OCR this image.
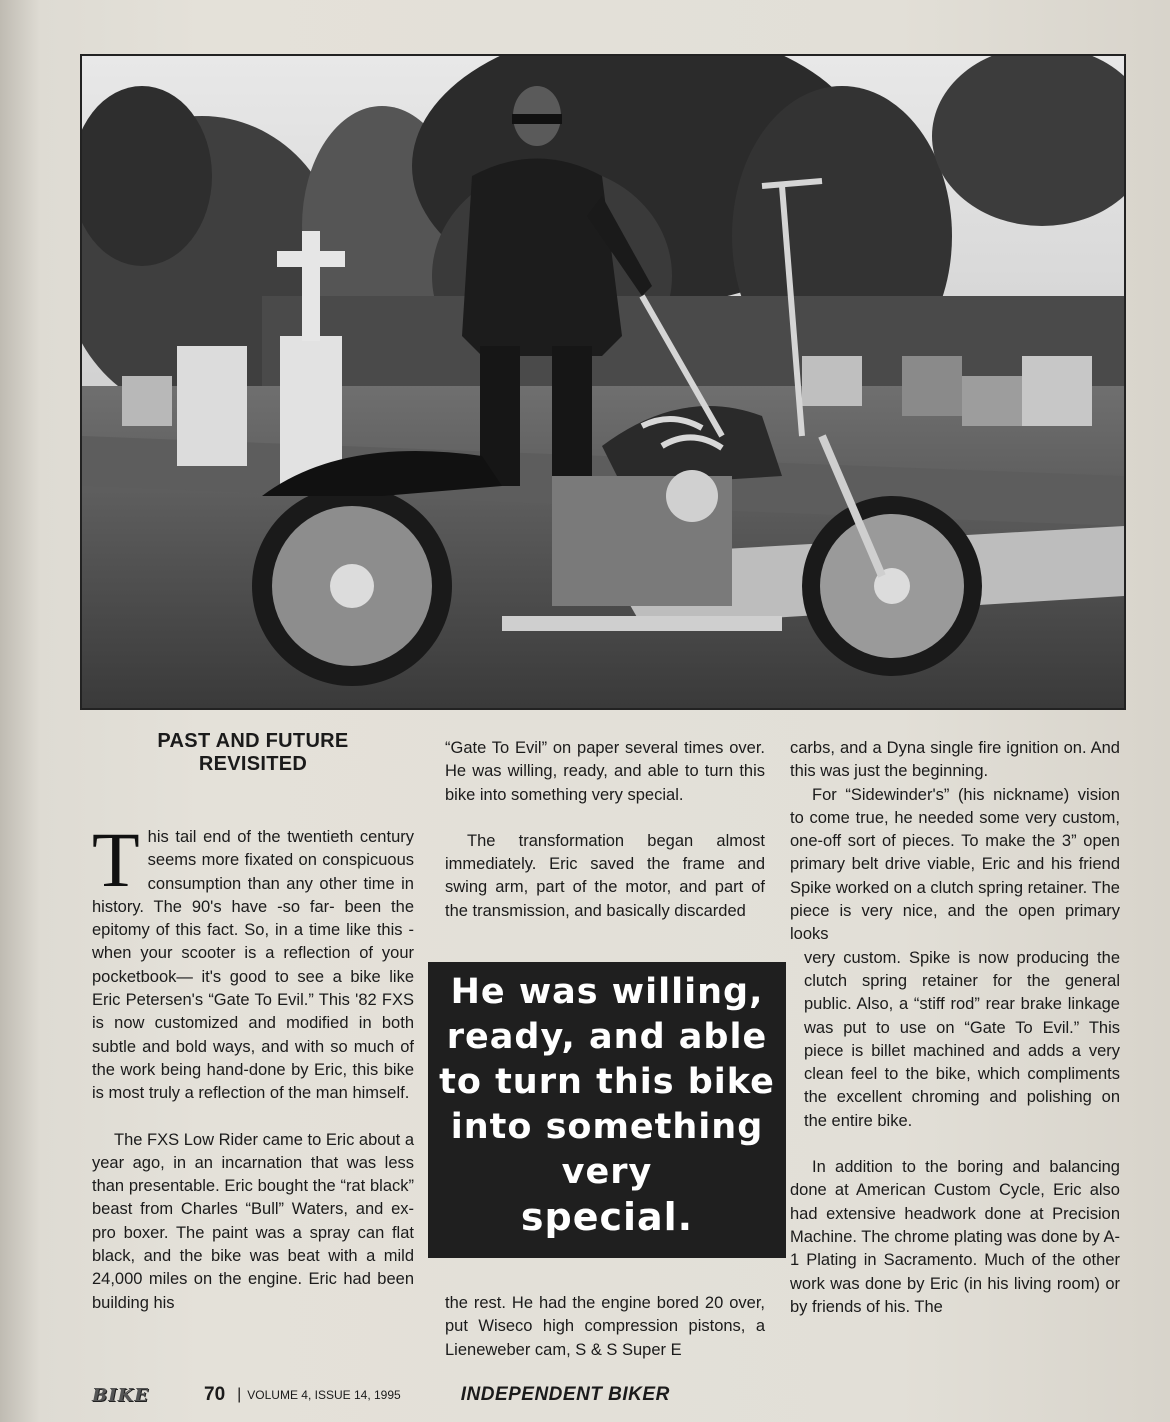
PAST AND FUTURE
REVISITED

This tail end of the twentieth century seems more fixated on conspicuous consumption than any other time in history. The 90's have -so far- been the epitomy of this fact. So, in a time like this -when your scooter is a reflection of your pocketbook— it's good to see a bike like Eric Petersen's “Gate To Evil.” This '82 FXS is now customized and modified in both subtle and bold ways, and with so much of the work being hand-done by Eric, this bike is most truly a reflection of the man himself.

The FXS Low Rider came to Eric about a year ago, in an incarnation that was less than presentable. Eric bought the “rat black” beast from Charles “Bull” Waters, and ex-pro boxer. The paint was a spray can flat black, and the bike was beat with a mild 24,000 miles on the engine. Eric had been building his

“Gate To Evil” on paper several times over. He was willing, ready, and able to turn this bike into something very special.

The transformation began almost immediately. Eric saved the frame and swing arm, part of the motor, and part of the transmission, and basically discarded

He was willing,
ready, and able
to turn this bike
into something
very
special.

the rest. He had the engine bored 20 over, put Wiseco high compression pistons, a Lieneweber cam, S & S Super E

carbs, and a Dyna single fire ignition on. And this was just the beginning.

For “Sidewinder's” (his nickname) vision to come true, he needed some very custom, one-off sort of pieces. To make the 3” open primary belt drive viable, Eric and his friend Spike worked on a clutch spring retainer. The piece is very nice, and the open primary looks

very custom. Spike is now producing the clutch spring retainer for the general public. Also, a “stiff rod” rear brake linkage was put to use on “Gate To Evil.” This piece is billet machined and adds a very clean feel to the bike, which compliments the excellent chroming and polishing on the entire bike.

In addition to the boring and balancing done at American Custom Cycle, Eric also had extensive headwork done at Precision Machine. The chrome plating was done by A-1 Plating in Sacramento. Much of the other work was done by Eric (in his living room) or by friends of his. The

BIKE	70 | VOLUME 4, ISSUE 14, 1995	INDEPENDENT BIKER
